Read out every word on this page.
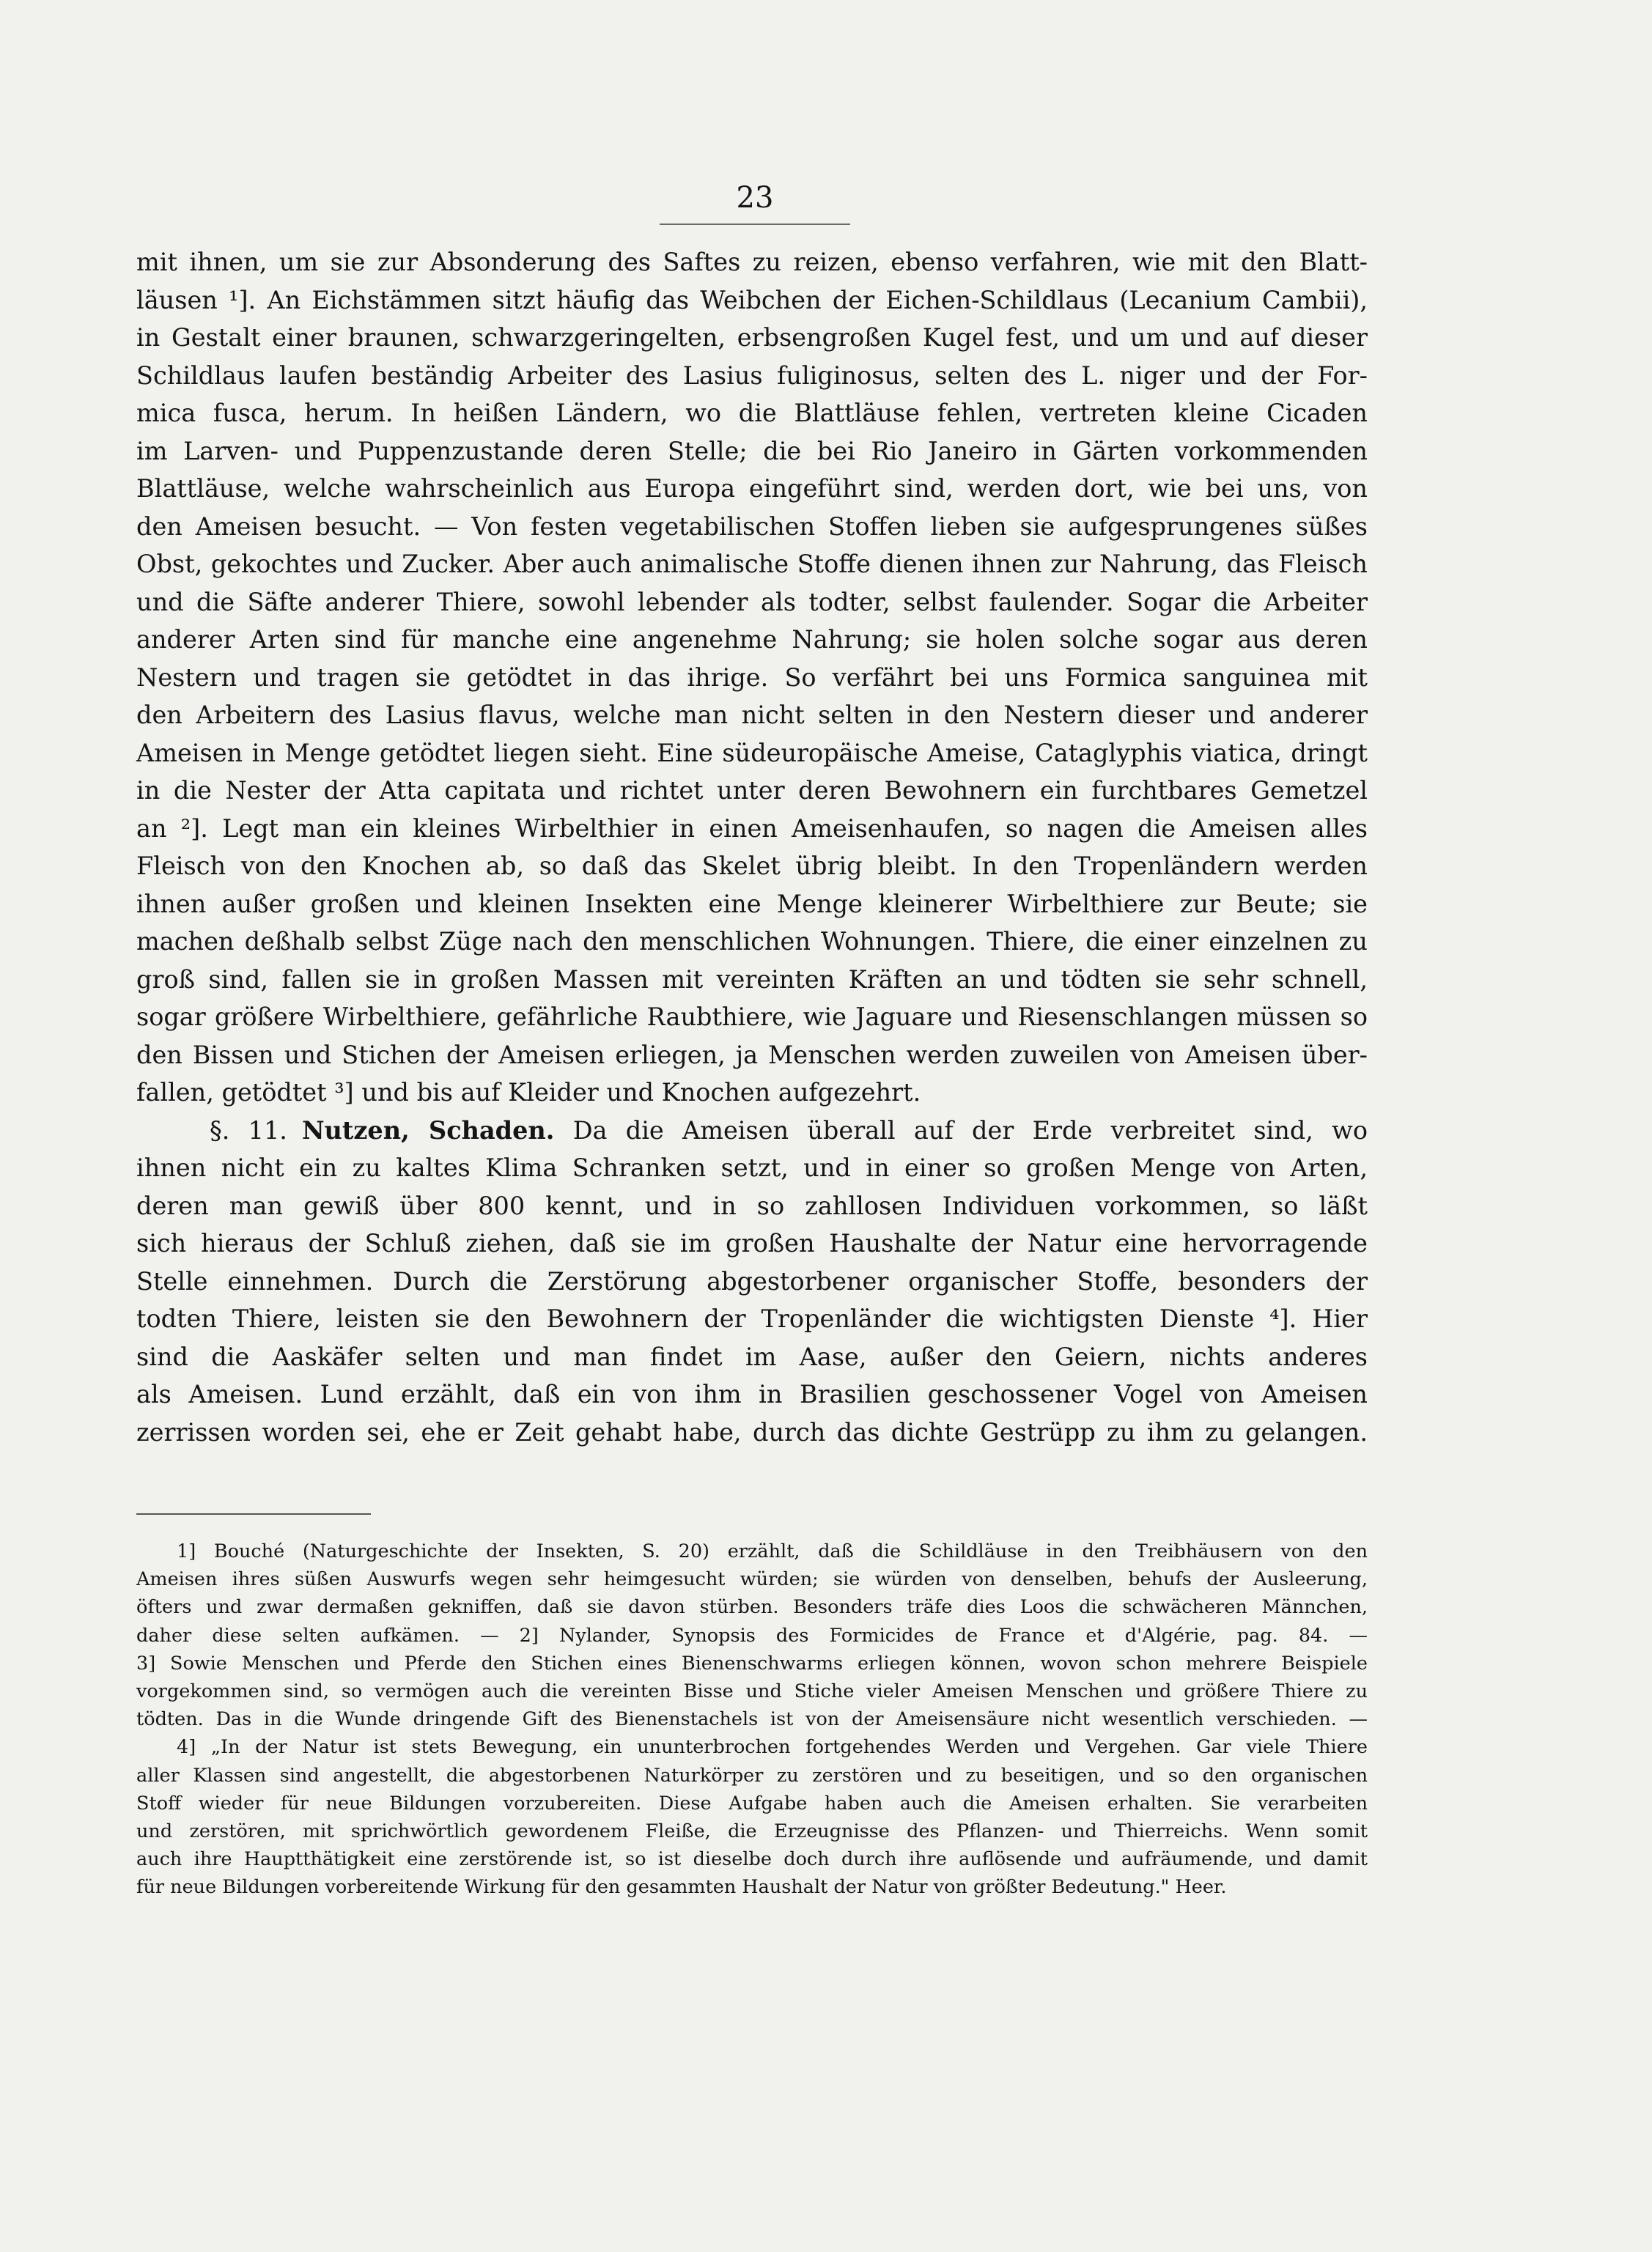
23
mit ihnen, um sie zur Absonderung des Saftes zu reizen, ebenso verfahren, wie mit den Blatt-
läusen ¹]. An Eichstämmen sitzt häufig das Weibchen der Eichen-Schildlaus (Lecanium Cambii),
in Gestalt einer braunen, schwarzgeringelten, erbsengroßen Kugel fest, und um und auf dieser
Schildlaus laufen beständig Arbeiter des Lasius fuliginosus, selten des L. niger und der For-
mica fusca, herum. In heißen Ländern, wo die Blattläuse fehlen, vertreten kleine Cicaden
im Larven- und Puppenzustande deren Stelle; die bei Rio Janeiro in Gärten vorkommenden
Blattläuse, welche wahrscheinlich aus Europa eingeführt sind, werden dort, wie bei uns, von
den Ameisen besucht. — Von festen vegetabilischen Stoffen lieben sie aufgesprungenes süßes
Obst, gekochtes und Zucker. Aber auch animalische Stoffe dienen ihnen zur Nahrung, das Fleisch
und die Säfte anderer Thiere, sowohl lebender als todter, selbst faulender. Sogar die Arbeiter
anderer Arten sind für manche eine angenehme Nahrung; sie holen solche sogar aus deren
Nestern und tragen sie getödtet in das ihrige. So verfährt bei uns Formica sanguinea mit
den Arbeitern des Lasius flavus, welche man nicht selten in den Nestern dieser und anderer
Ameisen in Menge getödtet liegen sieht. Eine südeuropäische Ameise, Cataglyphis viatica, dringt
in die Nester der Atta capitata und richtet unter deren Bewohnern ein furchtbares Gemetzel
an ²]. Legt man ein kleines Wirbelthier in einen Ameisenhaufen, so nagen die Ameisen alles
Fleisch von den Knochen ab, so daß das Skelet übrig bleibt. In den Tropenländern werden
ihnen außer großen und kleinen Insekten eine Menge kleinerer Wirbelthiere zur Beute; sie
machen deßhalb selbst Züge nach den menschlichen Wohnungen. Thiere, die einer einzelnen zu
groß sind, fallen sie in großen Massen mit vereinten Kräften an und tödten sie sehr schnell,
sogar größere Wirbelthiere, gefährliche Raubthiere, wie Jaguare und Riesenschlangen müssen so
den Bissen und Stichen der Ameisen erliegen, ja Menschen werden zuweilen von Ameisen über-
fallen, getödtet ³] und bis auf Kleider und Knochen aufgezehrt.
§. 11. Nutzen, Schaden. Da die Ameisen überall auf der Erde verbreitet sind, wo
ihnen nicht ein zu kaltes Klima Schranken setzt, und in einer so großen Menge von Arten,
deren man gewiß über 800 kennt, und in so zahllosen Individuen vorkommen, so läßt
sich hieraus der Schluß ziehen, daß sie im großen Haushalte der Natur eine hervorragende
Stelle einnehmen. Durch die Zerstörung abgestorbener organischer Stoffe, besonders der
todten Thiere, leisten sie den Bewohnern der Tropenländer die wichtigsten Dienste ⁴]. Hier
sind die Aaskäfer selten und man findet im Aase, außer den Geiern, nichts anderes
als Ameisen. Lund erzählt, daß ein von ihm in Brasilien geschossener Vogel von Ameisen
zerrissen worden sei, ehe er Zeit gehabt habe, durch das dichte Gestrüpp zu ihm zu gelangen.
1] Bouché (Naturgeschichte der Insekten, S. 20) erzählt, daß die Schildläuse in den Treibhäusern von den
Ameisen ihres süßen Auswurfs wegen sehr heimgesucht würden; sie würden von denselben, behufs der Ausleerung,
öfters und zwar dermaßen gekniffen, daß sie davon stürben. Besonders träfe dies Loos die schwächeren Männchen,
daher diese selten aufkämen. — 2] Nylander, Synopsis des Formicides de France et d'Algérie, pag. 84. —
3] Sowie Menschen und Pferde den Stichen eines Bienenschwarms erliegen können, wovon schon mehrere Beispiele
vorgekommen sind, so vermögen auch die vereinten Bisse und Stiche vieler Ameisen Menschen und größere Thiere zu
tödten. Das in die Wunde dringende Gift des Bienenstachels ist von der Ameisensäure nicht wesentlich verschieden. —
4] „In der Natur ist stets Bewegung, ein ununterbrochen fortgehendes Werden und Vergehen. Gar viele Thiere
aller Klassen sind angestellt, die abgestorbenen Naturkörper zu zerstören und zu beseitigen, und so den organischen
Stoff wieder für neue Bildungen vorzubereiten. Diese Aufgabe haben auch die Ameisen erhalten. Sie verarbeiten
und zerstören, mit sprichwörtlich gewordenem Fleiße, die Erzeugnisse des Pflanzen- und Thierreichs. Wenn somit
auch ihre Hauptthätigkeit eine zerstörende ist, so ist dieselbe doch durch ihre auflösende und aufräumende, und damit
für neue Bildungen vorbereitende Wirkung für den gesammten Haushalt der Natur von größter Bedeutung." Heer.
